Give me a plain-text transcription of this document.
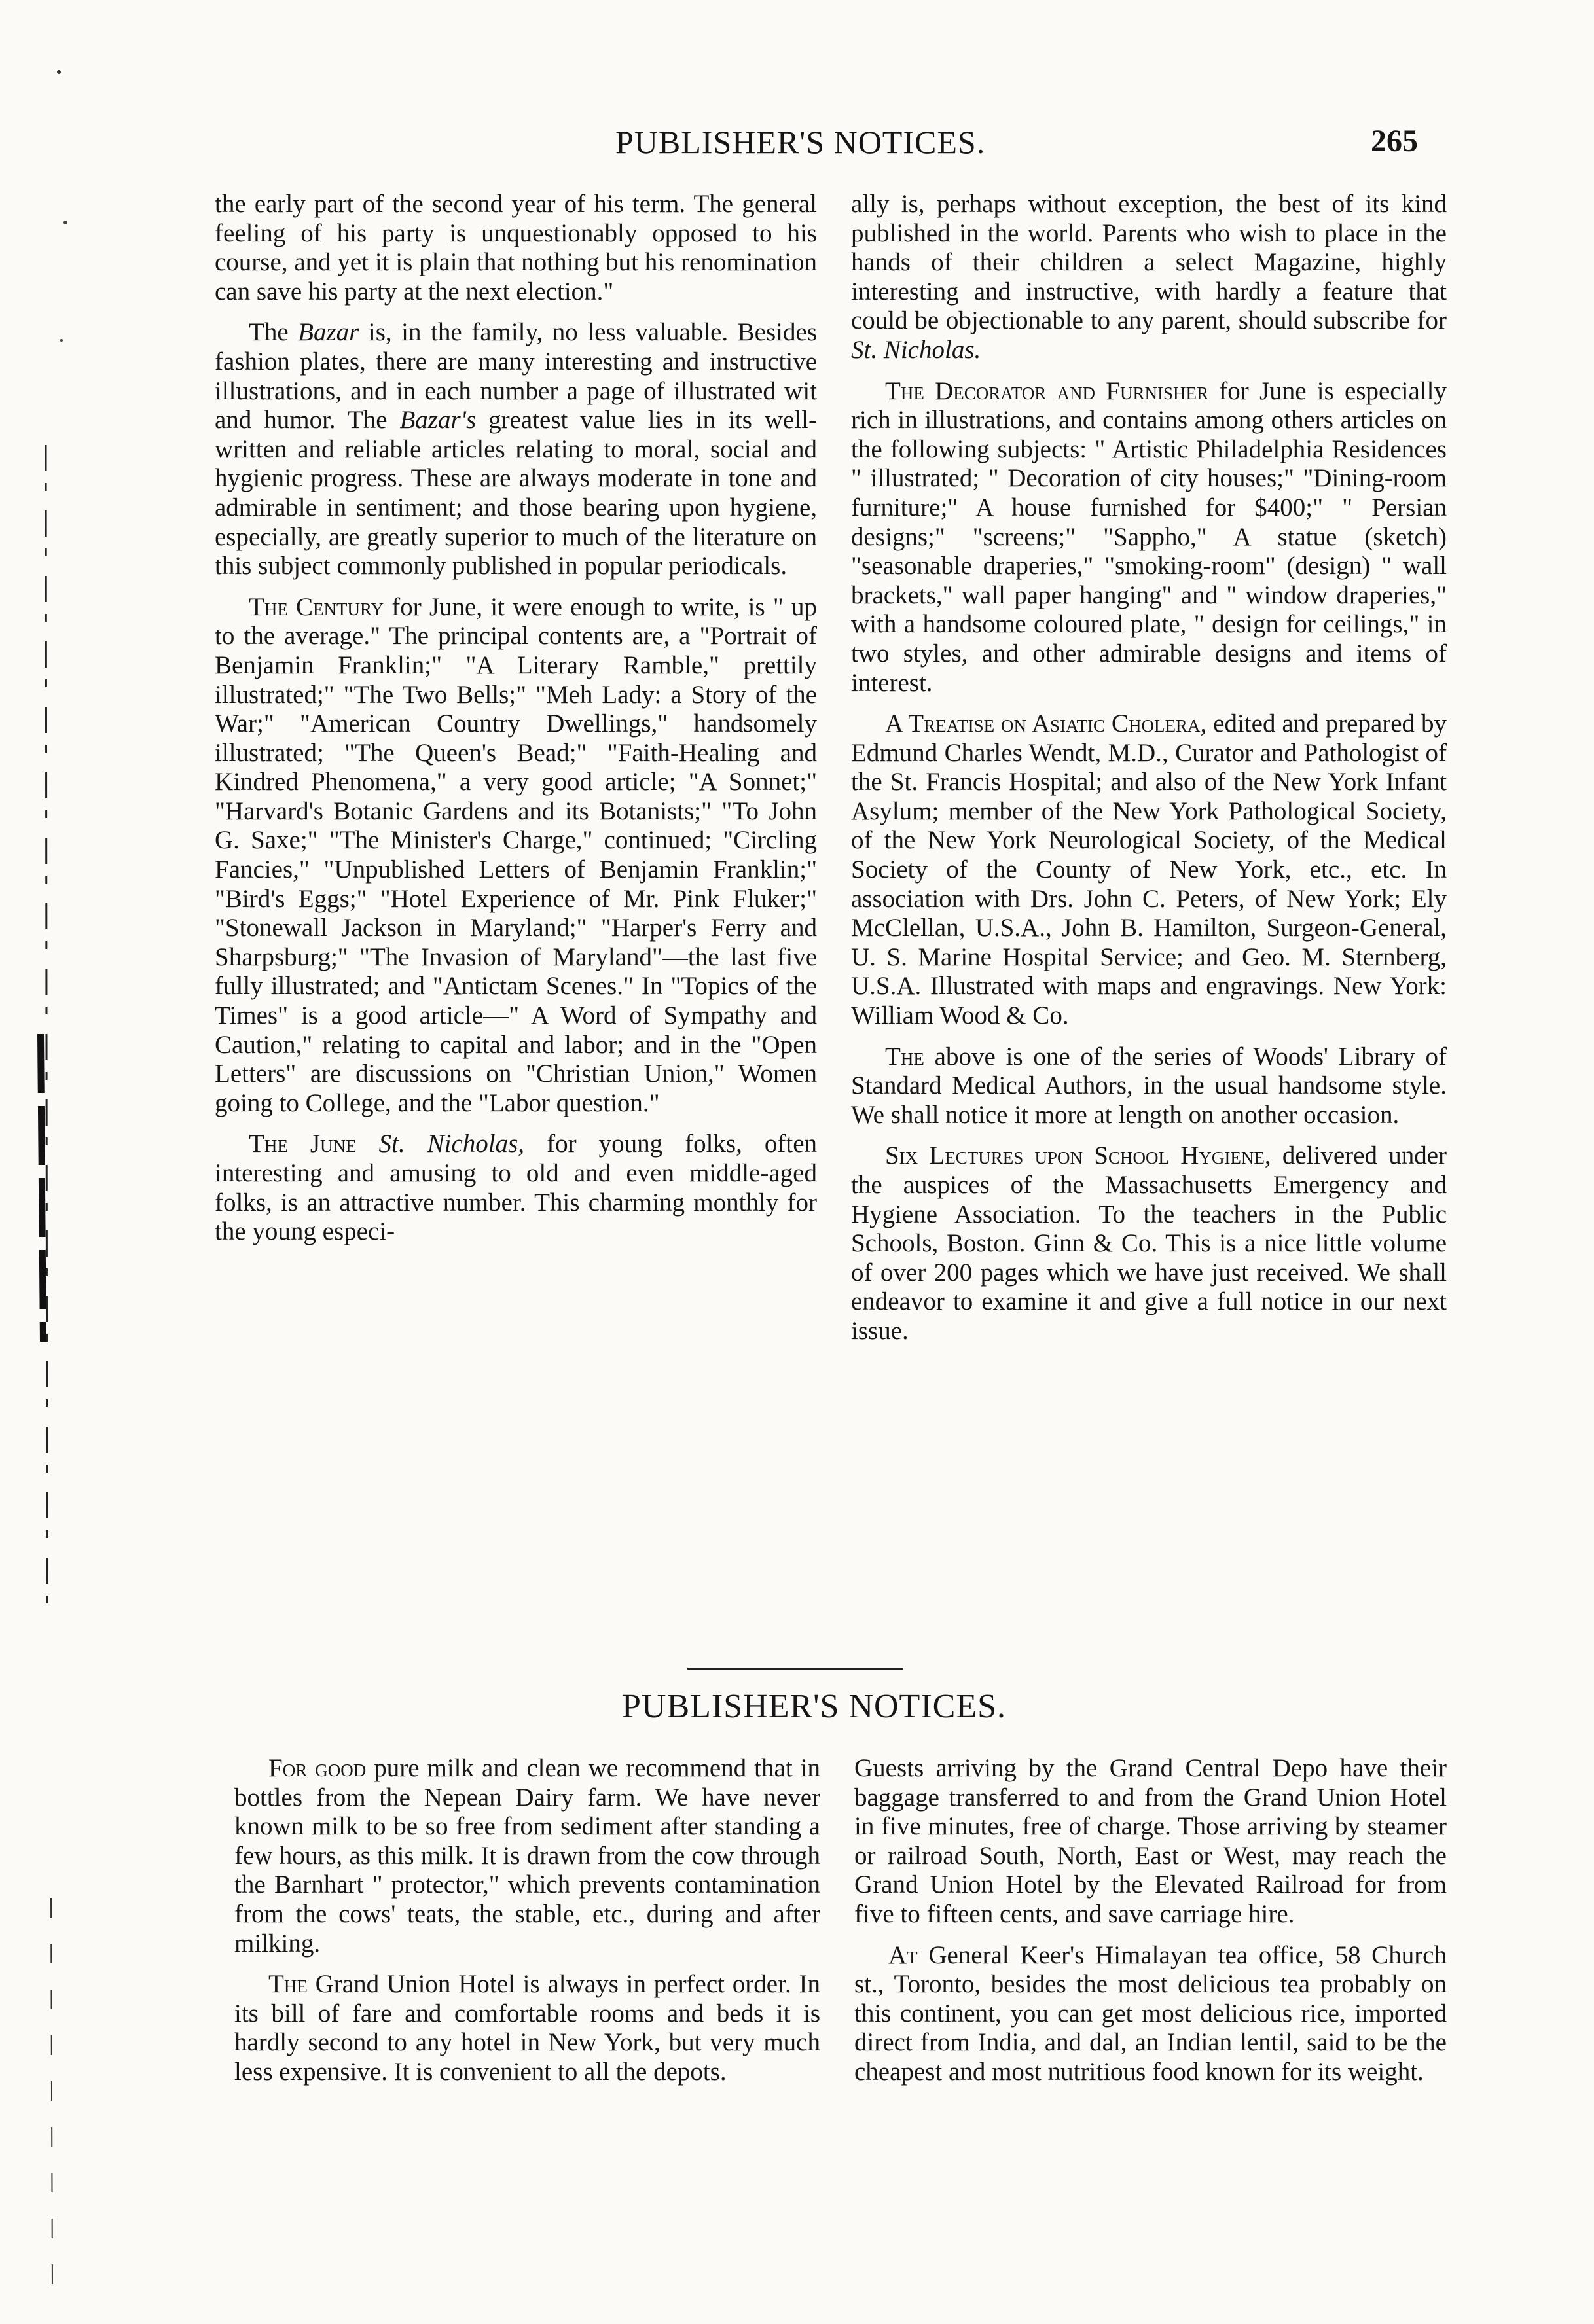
PUBLISHER'S NOTICES.	265

the early part of the second year of his term. The general feeling of his party is unquestionably opposed to his course, and yet it is plain that nothing but his renomination can save his party at the next election."

The Bazar is, in the family, no less valuable. Besides fashion plates, there are many interesting and instructive illustrations, and in each number a page of illustrated wit and humor. The Bazar's greatest value lies in its well-written and reliable articles relating to moral, social and hygienic progress. These are always moderate in tone and admirable in sentiment; and those bearing upon hygiene, especially, are greatly superior to much of the literature on this subject commonly published in popular periodicals.

The Century for June, it were enough to write, is " up to the average." The principal contents are, a "Portrait of Benjamin Franklin;" "A Literary Ramble," prettily illustrated;" "The Two Bells;" "Meh Lady: a Story of the War;" "American Country Dwellings," handsomely illustrated; "The Queen's Bead;" "Faith-Healing and Kindred Phenomena," a very good article; "A Sonnet;" "Harvard's Botanic Gardens and its Botanists;" "To John G. Saxe;" "The Minister's Charge," continued; "Circling Fancies," "Unpublished Letters of Benjamin Franklin;" "Bird's Eggs;" "Hotel Experience of Mr. Pink Fluker;" "Stonewall Jackson in Maryland;" "Harper's Ferry and Sharpsburg;" "The Invasion of Maryland"—the last five fully illustrated; and "Antictam Scenes." In "Topics of the Times" is a good article—" A Word of Sympathy and Caution," relating to capital and labor; and in the "Open Letters" are discussions on "Christian Union," Women going to College, and the "Labor question."

The June St. Nicholas, for young folks, often interesting and amusing to old and even middle-aged folks, is an attractive number. This charming monthly for the young especi-

ally is, perhaps without exception, the best of its kind published in the world. Parents who wish to place in the hands of their children a select Magazine, highly interesting and instructive, with hardly a feature that could be objectionable to any parent, should subscribe for St. Nicholas.

The Decorator and Furnisher for June is especially rich in illustrations, and contains among others articles on the following subjects: " Artistic Philadelphia Residences " illustrated; " Decoration of city houses;" "Dining-room furniture;" A house furnished for $400;" " Persian designs;" "screens;" "Sappho," A statue (sketch) "seasonable draperies," "smoking-room" (design) " wall brackets," wall paper hanging" and " window draperies," with a handsome coloured plate, " design for ceilings," in two styles, and other admirable designs and items of interest.

A Treatise on Asiatic Cholera, edited and prepared by Edmund Charles Wendt, M.D., Curator and Pathologist of the St. Francis Hospital; and also of the New York Infant Asylum; member of the New York Pathological Society, of the New York Neurological Society, of the Medical Society of the County of New York, etc., etc. In association with Drs. John C. Peters, of New York; Ely McClellan, U.S.A., John B. Hamilton, Surgeon-General, U. S. Marine Hospital Service; and Geo. M. Sternberg, U.S.A. Illustrated with maps and engravings. New York: William Wood & Co.

The above is one of the series of Woods' Library of Standard Medical Authors, in the usual handsome style. We shall notice it more at length on another occasion.

Six Lectures upon School Hygiene, delivered under the auspices of the Massachusetts Emergency and Hygiene Association. To the teachers in the Public Schools, Boston. Ginn & Co. This is a nice little volume of over 200 pages which we have just received. We shall endeavor to examine it and give a full notice in our next issue.

PUBLISHER'S NOTICES.

For good pure milk and clean we recommend that in bottles from the Nepean Dairy farm. We have never known milk to be so free from sediment after standing a few hours, as this milk. It is drawn from the cow through the Barnhart " protector," which prevents contamination from the cows' teats, the stable, etc., during and after milking.

The Grand Union Hotel is always in perfect order. In its bill of fare and comfortable rooms and beds it is hardly second to any hotel in New York, but very much less expensive. It is convenient to all the depots.

Guests arriving by the Grand Central Depo have their baggage transferred to and from the Grand Union Hotel in five minutes, free of charge. Those arriving by steamer or railroad South, North, East or West, may reach the Grand Union Hotel by the Elevated Railroad for from five to fifteen cents, and save carriage hire.

At General Keer's Himalayan tea office, 58 Church st., Toronto, besides the most delicious tea probably on this continent, you can get most delicious rice, imported direct from India, and dal, an Indian lentil, said to be the cheapest and most nutritious food known for its weight.
